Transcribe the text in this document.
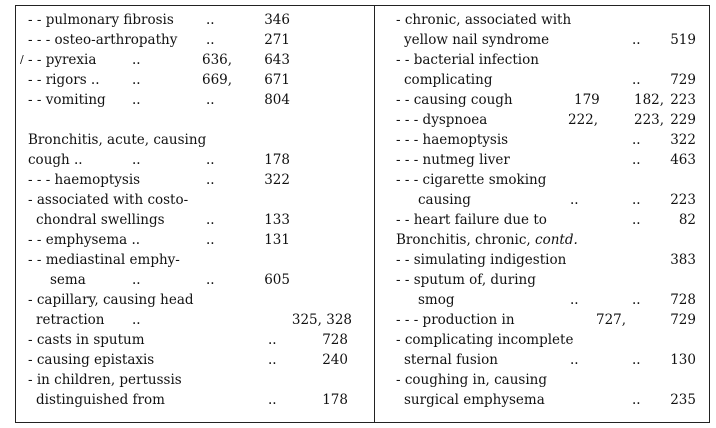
- - pulmonary fibrosis ..	346
- - - osteo-arthropathy ..	271
∕ - - pyrexia	..	636,	643
- - rigors .. ..	669,	671
- - vomiting ..	..	804
Bronchitis, acute, causing
cough ..	..	..	178
- - - haemoptysis	..	322
- associated with costo-
chondral swellings	..	133
- - emphysema ..	..	131
- - mediastinal emphy-
sema	..	..	605
- capillary, causing head
retraction ..	325, 328
- casts in sputum	..	728
- causing epistaxis	..	240
- in children, pertussis
distinguished from	..	178
- chronic, associated with
yellow nail syndrome	..	519
- - bacterial infection
complicating	..	729
- - causing cough	179	182, 223
- - - dyspnoea	222,	223, 229
- - - haemoptysis	..	322
- - - nutmeg liver	..	463
- - - cigarette smoking
causing	..	..	223
- - heart failure due to	..	82
Bronchitis, chronic, contd.
- - simulating indigestion	383
- - sputum of, during
smog	..	..	728
- - - production in	727,	729
- complicating incomplete
sternal fusion	..	..	130
- coughing in, causing
surgical emphysema	..	235
